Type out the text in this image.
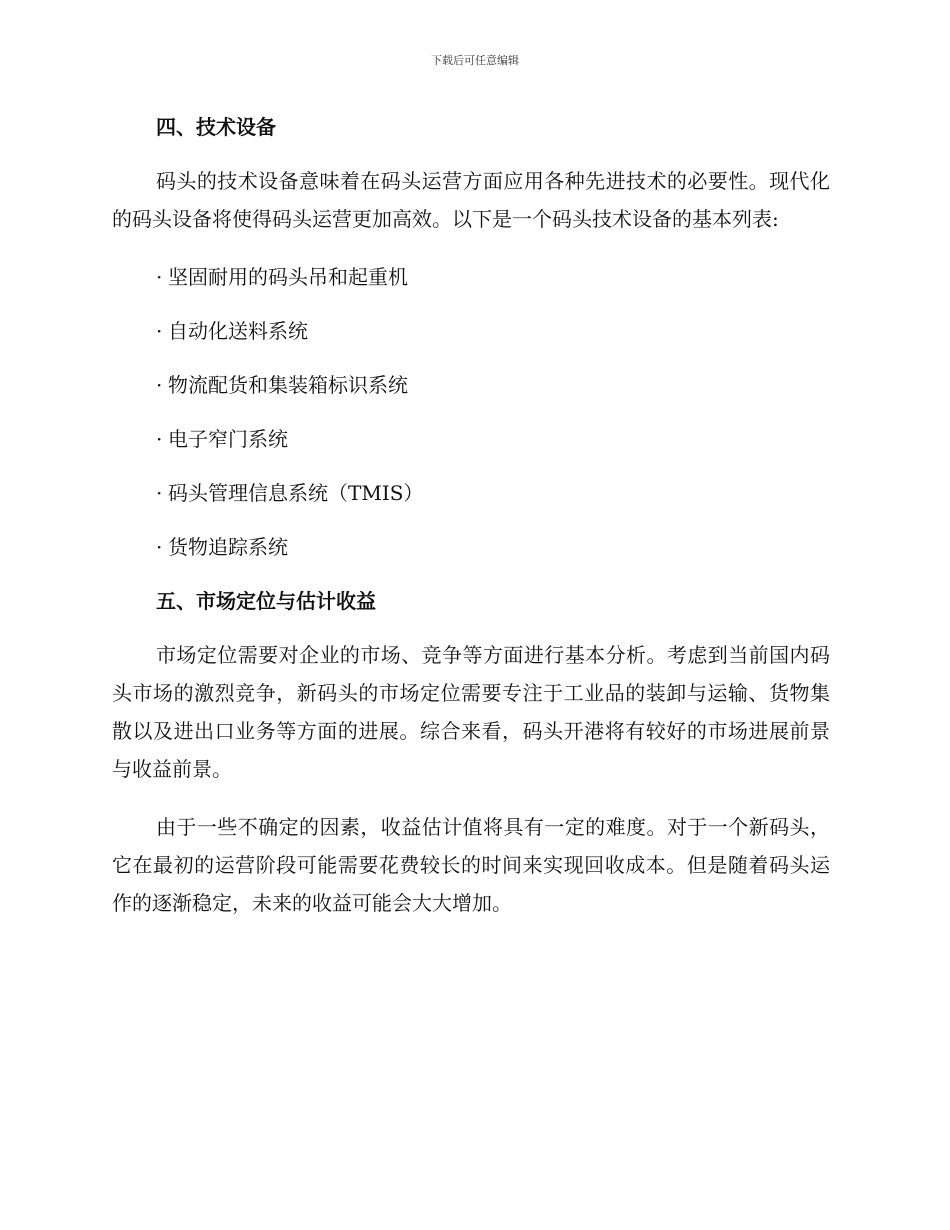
下载后可任意编辑
四、技术设备

码头的技术设备意味着在码头运营方面应用各种先进技术的必要性。现代化的码头设备将使得码头运营更加高效。以下是一个码头技术设备的基本列表:

· 坚固耐用的码头吊和起重机
· 自动化送料系统
· 物流配货和集装箱标识系统
· 电子窄门系统
· 码头管理信息系统（TMIS）
· 货物追踪系统
五、市场定位与估计收益

市场定位需要对企业的市场、竞争等方面进行基本分析。考虑到当前国内码头市场的激烈竞争，新码头的市场定位需要专注于工业品的装卸与运输、货物集散以及进出口业务等方面的进展。综合来看，码头开港将有较好的市场进展前景与收益前景。

由于一些不确定的因素，收益估计值将具有一定的难度。对于一个新码头，它在最初的运营阶段可能需要花费较长的时间来实现回收成本。但是随着码头运作的逐渐稳定，未来的收益可能会大大增加。
